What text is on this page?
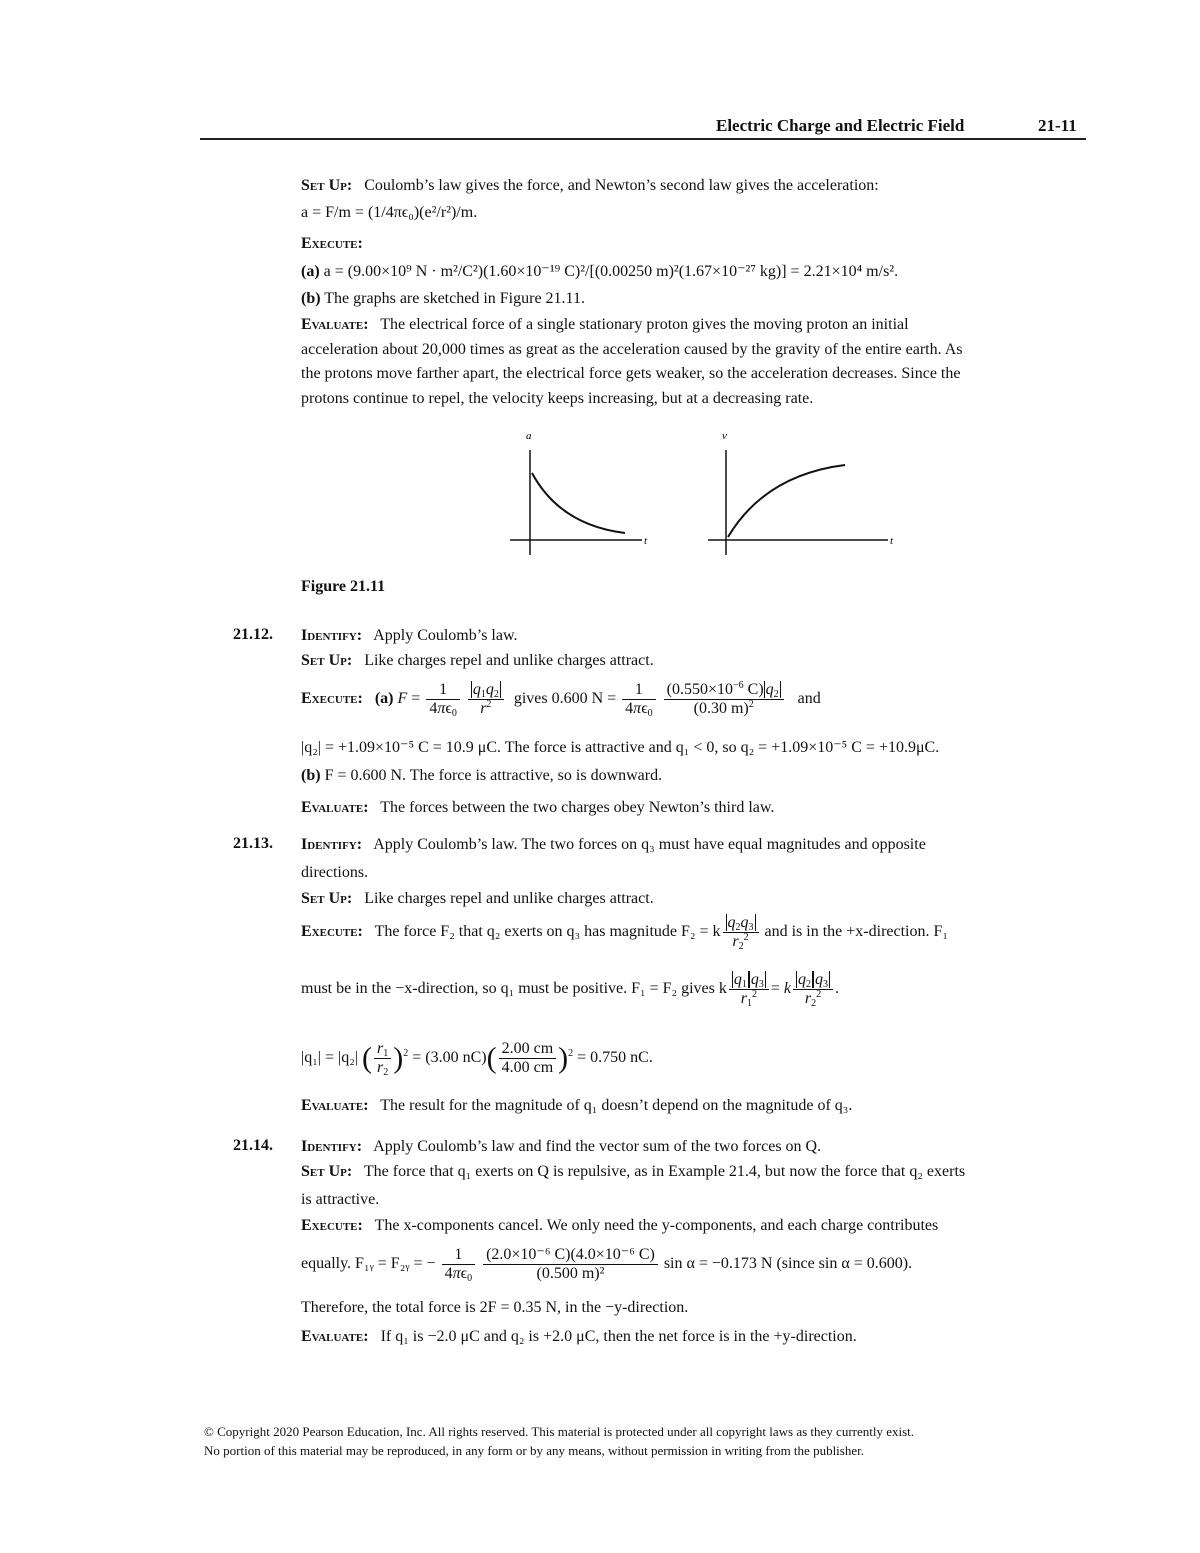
Electric Charge and Electric Field	21-11
Set Up: Coulomb’s law gives the force, and Newton’s second law gives the acceleration:
a = F/m = (1/4πϵ₀)(e²/r²)/m.
Execute:
(a) a = (9.00×10⁹ N · m²/C²)(1.60×10⁻¹⁹ C)²/[(0.00250 m)²(1.67×10⁻²⁷ kg)] = 2.21×10⁴ m/s².
(b) The graphs are sketched in Figure 21.11.
Evaluate: The electrical force of a single stationary proton gives the moving proton an initial
acceleration about 20,000 times as great as the acceleration caused by the gravity of the entire earth. As
the protons move farther apart, the electrical force gets weaker, so the acceleration decreases. Since the
protons continue to repel, the velocity keeps increasing, but at a decreasing rate.
a
t
v
t
Figure 21.11
21.12. Identify: Apply Coulomb’s law.
Set Up: Like charges repel and unlike charges attract.
Execute: (a) $F = \frac{1}{4\pi\epsilon_0}$
$\frac{q_1q_2}{r^2}$ gives 0.600 $N = \frac{1}{4\pi\epsilon_0}$
$\frac{(0.550\times 10^{-6} C) q_2}{(0.30 m)^2}$ and
|q₂| = +1.09×10⁻⁵ C = 10.9 μC. The force is attractive and q₁ < 0, so q₂ = +1.09×10⁻⁵ C = +10.9μC.
(b) F = 0.600 N. The force is attractive, so is downward.
Evaluate: The forces between the two charges obey Newton’s third law.
21.13. Identify: Apply Coulomb’s law. The two forces on q₃ must have equal magnitudes and opposite
directions.
Set Up: Like charges repel and unlike charges attract.
Execute: The force F₂ that q₂ exerts on q₃ has magnitude F₂ = k $\frac{q_2q_3}{r_2^2}$ and is in the +x-direction. F₁
must be in the −x-direction, so q₁ must be positive. F₁ = F₂ gives k $\frac{q_1 q_3}{r_1^2} = k \frac{q_2 q_3}{r_2^2}$ .
|q₁| = |q₂| ( $\frac{r_1}{r_2} )^2 = (3.00$ $nC)( \frac{2.00 cm}{4.00 cm} )^2 = 0.750$ nC.
Evaluate: The result for the magnitude of q₁ doesn’t depend on the magnitude of q₃.
21.14. Identify: Apply Coulomb’s law and find the vector sum of the two forces on Q.
Set Up: The force that q₁ exerts on Q is repulsive, as in Example 21.4, but now the force that q₂ exerts
is attractive.
Execute: The x-components cancel. We only need the y-components, and each charge contributes
equally. F₁ᵧ = F₂ᵧ = − $\frac{1}{4\pi\epsilon_0}$
$\frac{\text{(2.0×10⁻⁶ C)(4.0×10⁻⁶ C)}}{\text{(0.500 m)²}}$ sin α = −0.173 N (since sin α = 0.600).
Therefore, the total force is 2F = 0.35 N, in the −y-direction.
Evaluate: If q₁ is −2.0 μC and q₂ is +2.0 μC, then the net force is in the +y-direction.
© Copyright 2020 Pearson Education, Inc. All rights reserved. This material is protected under all copyright laws as they currently exist.
No portion of this material may be reproduced, in any form or by any means, without permission in writing from the publisher.
